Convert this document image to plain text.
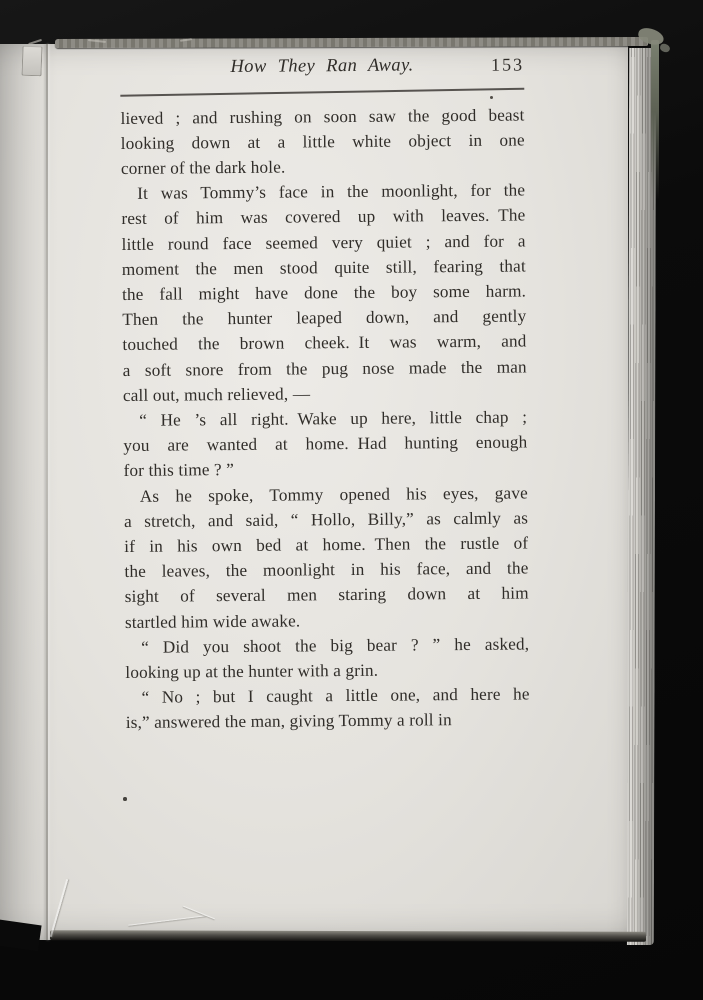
How They Ran Away.	153
lieved ; and rushing on soon saw the good beast
looking down at a little white object in one
corner of the dark hole.
It was Tommy’s face in the moonlight, for the
rest of him was covered up with leaves. The
little round face seemed very quiet ; and for a
moment the men stood quite still, fearing that
the fall might have done the boy some harm.
Then the hunter leaped down, and gently
touched the brown cheek. It was warm, and
a soft snore from the pug nose made the man
call out, much relieved, —
“ He ’s all right. Wake up here, little chap ;
you are wanted at home. Had hunting enough
for this time ? ”
As he spoke, Tommy opened his eyes, gave
a stretch, and said, “ Hollo, Billy,” as calmly as
if in his own bed at home. Then the rustle of
the leaves, the moonlight in his face, and the
sight of several men staring down at him
startled him wide awake.
“ Did you shoot the big bear ? ” he asked,
looking up at the hunter with a grin.
“ No ; but I caught a little one, and here he
is,” answered the man, giving Tommy a roll in
